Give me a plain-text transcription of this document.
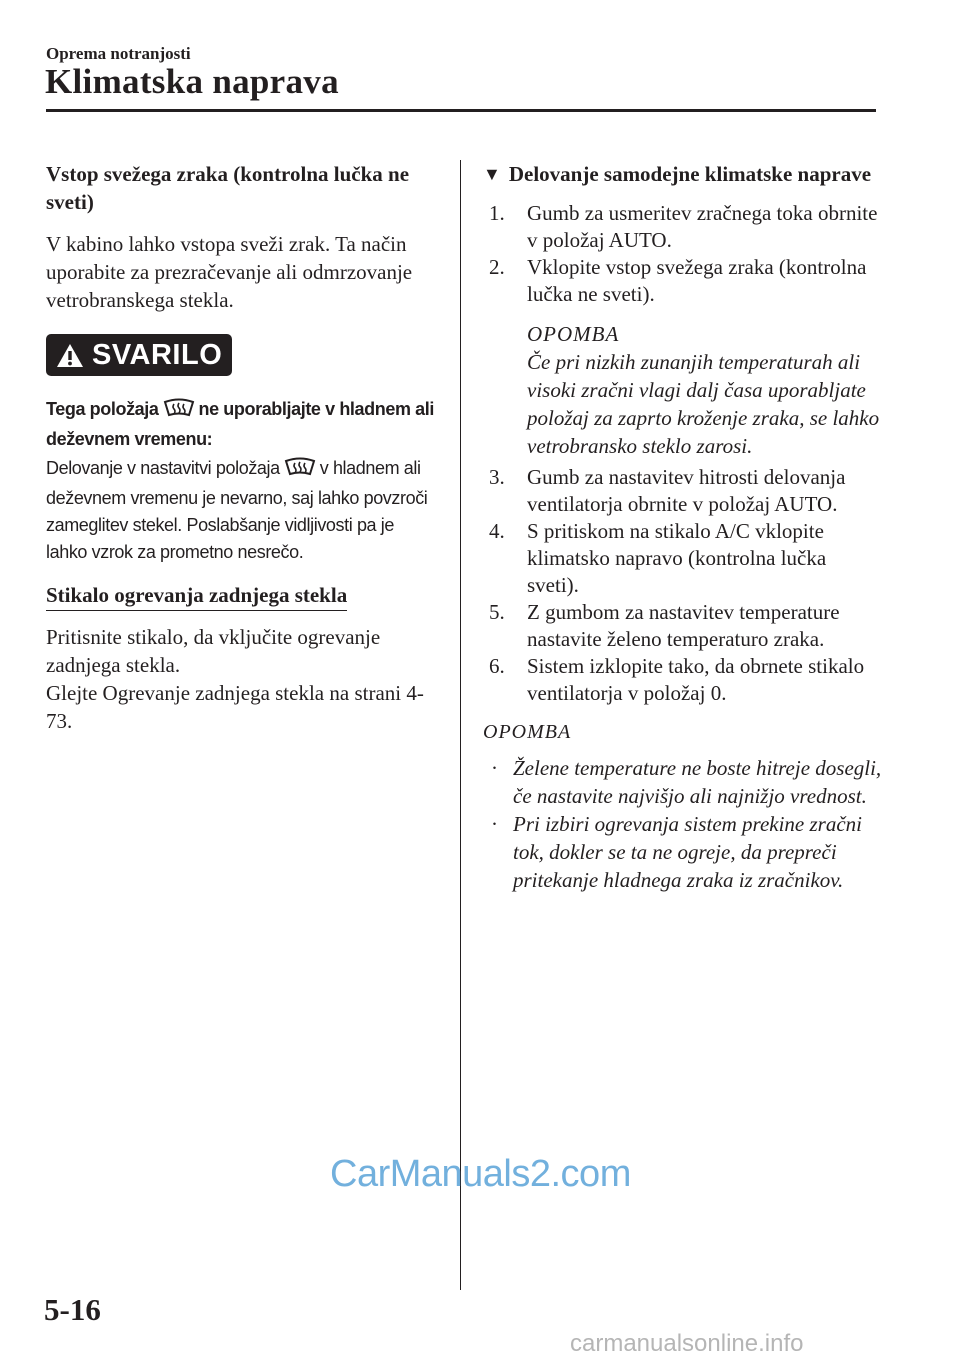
Oprema notranjosti
Klimatska naprava

Vstop svežega zraka (kontrolna lučka ne sveti)

V kabino lahko vstopa sveži zrak. Ta način uporabite za prezračevanje ali odmrzovanje vetrobranskega stekla.

SVARILO
Tega položaja ne uporabljajte v hladnem ali deževnem vremenu:
Delovanje v nastavitvi položaja v hladnem ali deževnem vremenu je nevarno, saj lahko povzroči zameglitev stekel. Poslabšanje vidljivosti pa je lahko vzrok za prometno nesrečo.
Stikalo ogrevanja zadnjega stekla

Pritisnite stikalo, da vključite ogrevanje zadnjega stekla.

Glejte Ogrevanje zadnjega stekla na strani 4-73.

▼ Delovanje samodejne klimatske naprave
1.	Gumb za usmeritev zračnega toka obrnite v položaj AUTO.
2.	Vklopite vstop svežega zraka (kontrolna lučka ne sveti).
OPOMBA
Če pri nizkih zunanjih temperaturah ali visoki zračni vlagi dalj časa uporabljate položaj za zaprto kroženje zraka, se lahko vetrobransko steklo zarosi.
3.	Gumb za nastavitev hitrosti delovanja ventilatorja obrnite v položaj AUTO.
4.	S pritiskom na stikalo A/C vklopite klimatsko napravo (kontrolna lučka sveti).
5.	Z gumbom za nastavitev temperature nastavite želeno temperaturo zraka.
6.	Sistem izklopite tako, da obrnete stikalo ventilatorja v položaj 0.
OPOMBA
· Želene temperature ne boste hitreje dosegli, če nastavite najvišjo ali najnižjo vrednost.
· Pri izbiri ogrevanja sistem prekine zračni tok, dokler se ta ne ogreje, da prepreči pritekanje hladnega zraka iz zračnikov.
CarManuals2.com
5-16
carmanualsonline.info
